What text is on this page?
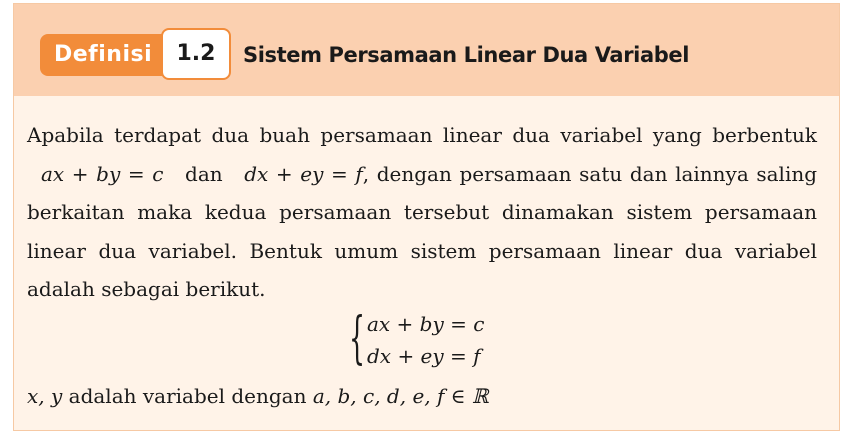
Definisi	1.2	Sistem Persamaan Linear Dua Variabel

Apabila terdapat dua buah persamaan linear dua variabel yang berbentuk ax + by = c dan dx + ey = f, dengan persamaan satu dan lainnya saling berkaitan maka kedua persamaan tersebut dinamakan sistem persamaan linear dua variabel. Bentuk umum sistem persamaan linear dua variabel adalah sebagai berikut.

{ ax + by = c
dx + ey = f

x, y adalah variabel dengan a, b, c, d, e, f ∈ ℝ
